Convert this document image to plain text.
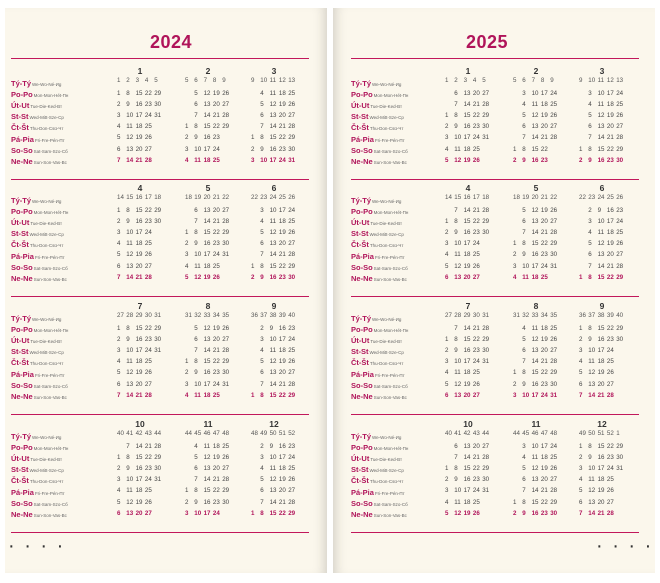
2024
Tý-TýWe-Wo-Né-Иg
Po-PoMon-Mon-Hét-Пн
Út-UtTue-Die-Ked-Вт
St-StWed-Mitt-Sze-Ср
Čt-ŠtThu-Don-Csü-Чт
Pá-PiaFri-Fre-Pén-Пт
So-SoSat-Sam-Szo-Сб
Ne-NeSun-Son-Vas-Вс
1
1 2 3 4 5
1 8 15 22 29
2 9 16 23 30
3 10 17 24 31
4 11 18 25
5 12 19 26
6 13 20 27
7 14 21 28
2
5 6 7 8 9
5 12 19 26
6 13 20 27
7 14 21 28
1 8 15 22 29
2 9 16 23
3 10 17 24
4 11 18 25
3
9 10 11 12 13
4 11 18 25
5 12 19 26
6 13 20 27
7 14 21 28
1 8 15 22 29
2 9 16 23 30
3 10 17 24 31
Tý-TýWe-Wo-Né-Иg
Po-PoMon-Mon-Hét-Пн
Út-UtTue-Die-Ked-Вт
St-StWed-Mitt-Sze-Ср
Čt-ŠtThu-Don-Csü-Чт
Pá-PiaFri-Fre-Pén-Пт
So-SoSat-Sam-Szo-Сб
Ne-NeSun-Son-Vas-Вс
4
14 15 16 17 18
1 8 15 22 29
2 9 16 23 30
3 10 17 24
4 11 18 25
5 12 19 26
6 13 20 27
7 14 21 28
5
18 19 20 21 22
6 13 20 27
7 14 21 28
1 8 15 22 29
2 9 16 23 30
3 10 17 24 31
4 11 18 25
5 12 19 26
6
22 23 24 25 26
3 10 17 24
4 11 18 25
5 12 19 26
6 13 20 27
7 14 21 28
1 8 15 22 29
2 9 16 23 30
Tý-TýWe-Wo-Né-Иg
Po-PoMon-Mon-Hét-Пн
Út-UtTue-Die-Ked-Вт
St-StWed-Mitt-Sze-Ср
Čt-ŠtThu-Don-Csü-Чт
Pá-PiaFri-Fre-Pén-Пт
So-SoSat-Sam-Szo-Сб
Ne-NeSun-Son-Vas-Вс
7
27 28 29 30 31
1 8 15 22 29
2 9 16 23 30
3 10 17 24 31
4 11 18 25
5 12 19 26
6 13 20 27
7 14 21 28
8
31 32 33 34 35
5 12 19 26
6 13 20 27
7 14 21 28
1 8 15 22 29
2 9 16 23 30
3 10 17 24 31
4 11 18 25
9
36 37 38 39 40
2 9 16 23
3 10 17 24
4 11 18 25
5 12 19 26
6 13 20 27
7 14 21 28
1 8 15 22 29
Tý-TýWe-Wo-Né-Иg
Po-PoMon-Mon-Hét-Пн
Út-UtTue-Die-Ked-Вт
St-StWed-Mitt-Sze-Ср
Čt-ŠtThu-Don-Csü-Чт
Pá-PiaFri-Fre-Pén-Пт
So-SoSat-Sam-Szo-Сб
Ne-NeSun-Son-Vas-Вс
10
40 41 42 43 44
7 14 21 28
1 8 15 22 29
2 9 16 23 30
3 10 17 24 31
4 11 18 25
5 12 19 26
6 13 20 27
11
44 45 46 47 48
4 11 18 25
5 12 19 26
6 13 20 27
7 14 21 28
1 8 15 22 29
2 9 16 23 30
3 10 17 24
12
48 49 50 51 52
2 9 16 23
3 10 17 24
4 11 18 25
5 12 19 26
6 13 20 27
7 14 21 28
1 8 15 22 29
2025
Tý-TýWe-Wo-Né-Иg
Po-PoMon-Mon-Hét-Пн
Út-UtTue-Die-Ked-Вт
St-StWed-Mitt-Sze-Ср
Čt-ŠtThu-Don-Csü-Чт
Pá-PiaFri-Fre-Pén-Пт
So-SoSat-Sam-Szo-Сб
Ne-NeSun-Son-Vas-Вс
1
1 2 3 4 5
6 13 20 27
7 14 21 28
1 8 15 22 29
2 9 16 23 30
3 10 17 24 31
4 11 18 25
5 12 19 26
2
5 6 7 8 9
3 10 17 24
4 11 18 25
5 12 19 26
6 13 20 27
7 14 21 28
1 8 15 22
2 9 16 23
3
9 10 11 12 13
3 10 17 24
4 11 18 25
5 12 19 26
6 13 20 27
7 14 21 28
1 8 15 22 29
2 9 16 23 30
Tý-TýWe-Wo-Né-Иg
Po-PoMon-Mon-Hét-Пн
Út-UtTue-Die-Ked-Вт
St-StWed-Mitt-Sze-Ср
Čt-ŠtThu-Don-Csü-Чт
Pá-PiaFri-Fre-Pén-Пт
So-SoSat-Sam-Szo-Сб
Ne-NeSun-Son-Vas-Вс
4
14 15 16 17 18
7 14 21 28
1 8 15 22 29
2 9 16 23 30
3 10 17 24
4 11 18 25
5 12 19 26
6 13 20 27
5
18 19 20 21 22
5 12 19 26
6 13 20 27
7 14 21 28
1 8 15 22 29
2 9 16 23 30
3 10 17 24 31
4 11 18 25
6
22 23 24 25 26
2 9 16 23
3 10 17 24
4 11 18 25
5 12 19 26
6 13 20 27
7 14 21 28
1 8 15 22 29
Tý-TýWe-Wo-Né-Иg
Po-PoMon-Mon-Hét-Пн
Út-UtTue-Die-Ked-Вт
St-StWed-Mitt-Sze-Ср
Čt-ŠtThu-Don-Csü-Чт
Pá-PiaFri-Fre-Pén-Пт
So-SoSat-Sam-Szo-Сб
Ne-NeSun-Son-Vas-Вс
7
27 28 29 30 31
7 14 21 28
1 8 15 22 29
2 9 16 23 30
3 10 17 24 31
4 11 18 25
5 12 19 26
6 13 20 27
8
31 32 33 34 35
4 11 18 25
5 12 19 26
6 13 20 27
7 14 21 28
1 8 15 22 29
2 9 16 23 30
3 10 17 24 31
9
36 37 38 39 40
1 8 15 22 29
2 9 16 23 30
3 10 17 24
4 11 18 25
5 12 19 26
6 13 20 27
7 14 21 28
Tý-TýWe-Wo-Né-Иg
Po-PoMon-Mon-Hét-Пн
Út-UtTue-Die-Ked-Вт
St-StWed-Mitt-Sze-Ср
Čt-ŠtThu-Don-Csü-Чт
Pá-PiaFri-Fre-Pén-Пт
So-SoSat-Sam-Szo-Сб
Ne-NeSun-Son-Vas-Вс
10
40 41 42 43 44
6 13 20 27
7 14 21 28
1 8 15 22 29
2 9 16 23 30
3 10 17 24 31
4 11 18 25
5 12 19 26
11
44 45 46 47 48
3 10 17 24
4 11 18 25
5 12 19 26
6 13 20 27
7 14 21 28
1 8 15 22 29
2 9 16 23 30
12
49 50 51 52 1
1 8 15 22 29
2 9 16 23 30
3 10 17 24 31
4 11 18 25
5 12 19 26
6 13 20 27
7 14 21 28
· · · ·	· · · ·
